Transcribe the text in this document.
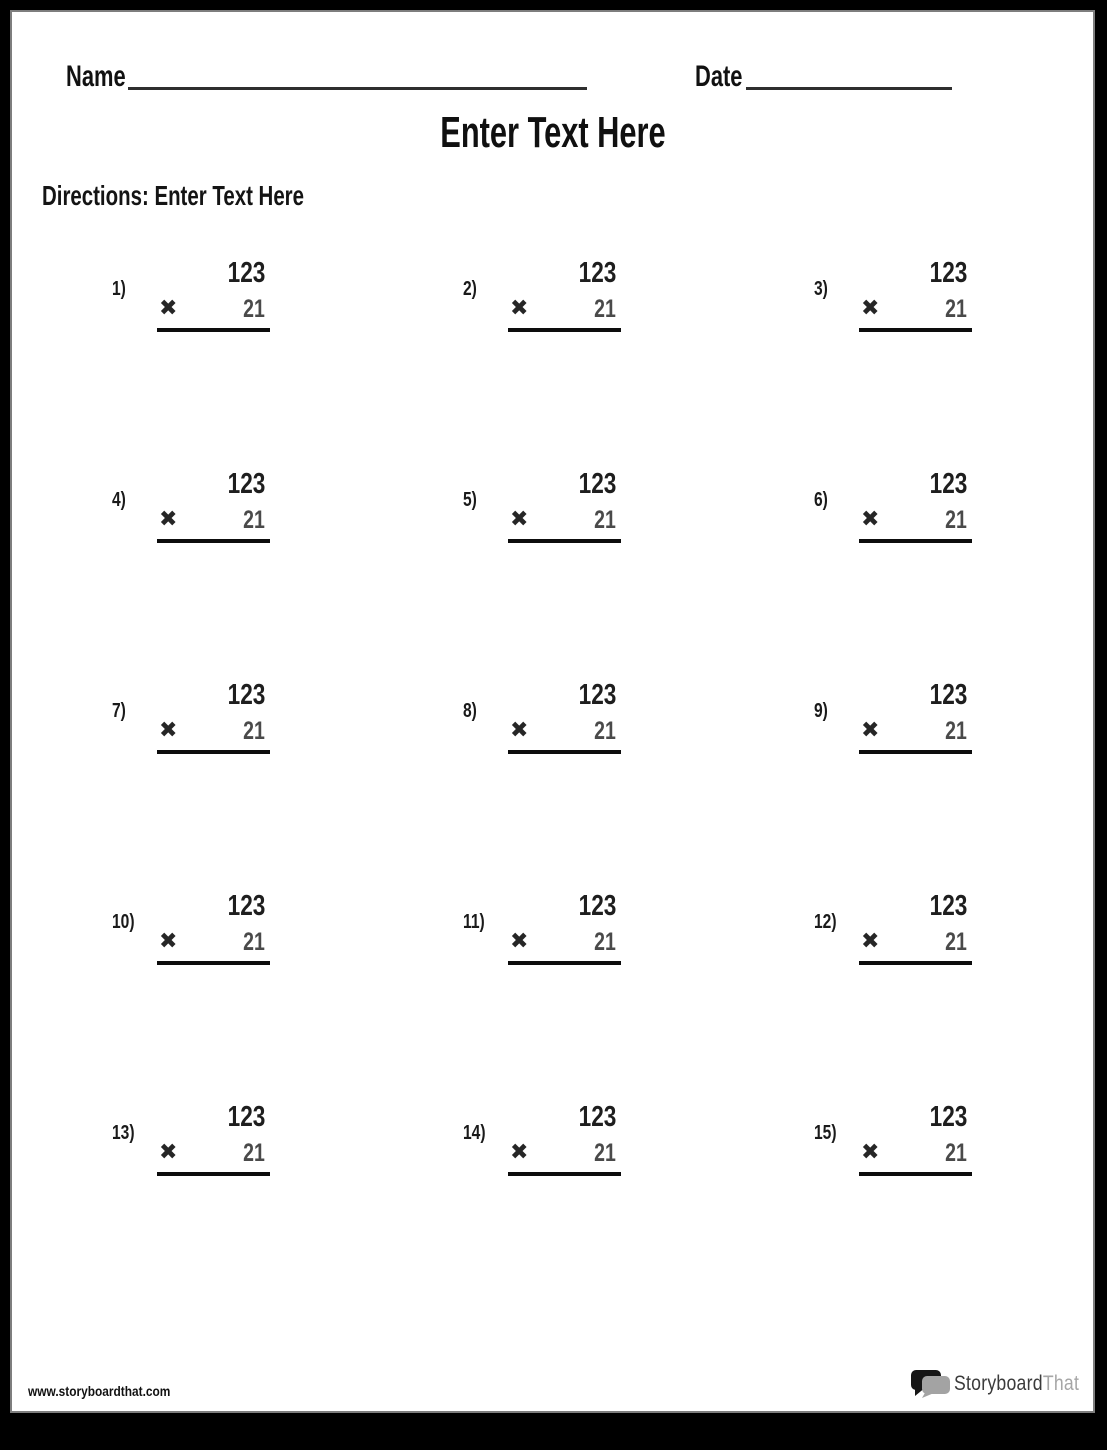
Name	Date
Enter Text Here
Directions: Enter Text Here
1)	123
✖	21
2)	123
✖	21
3)	123
✖	21
4)	123
✖	21
5)	123
✖	21
6)	123
✖	21
7)	123
✖	21
8)	123
✖	21
9)	123
✖	21
10)	123
✖	21
11)	123
✖	21
12)	123
✖	21
13)	123
✖	21
14)	123
✖	21
15)	123
✖	21
www.storyboardthat.com	StoryboardThat
